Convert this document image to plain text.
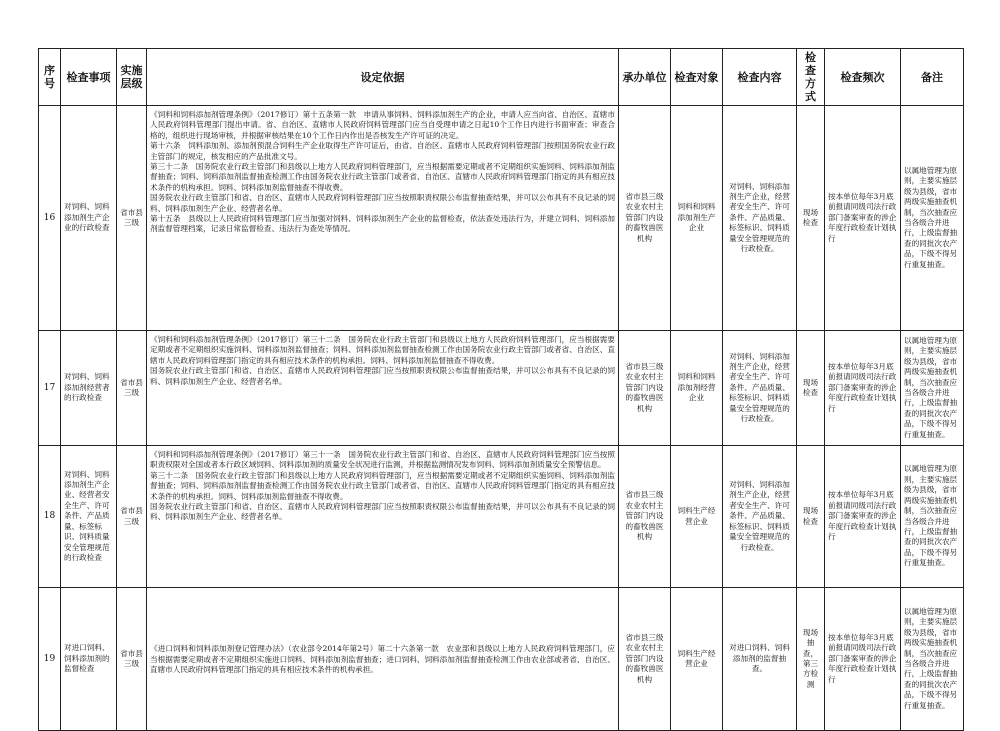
序号	检查事项	实施层级	设定依据	承办单位	检查对象	检查内容	检查方式	检查频次	备注
16	对饲料、饲料添加剂生产企业的行政检查	省市县三级	《饲料和饲料添加剂管理条例》（2017修订）第十五条第一款　申请从事饲料、饲料添加剂生产的企业，申请人应当向省、自治区、直辖市人民政府饲料管理部门提出申请。省、自治区、直辖市人民政府饲料管理部门应当自受理申请之日起10个工作日内进行书面审查；审查合格的，组织进行现场审核，并根据审核结果在10个工作日内作出是否核发生产许可证的决定。
第十六条　饲料添加剂、添加剂预混合饲料生产企业取得生产许可证后，由省、自治区、直辖市人民政府饲料管理部门按照国务院农业行政主管部门的规定，核发相应的产品批准文号。
第三十二条　国务院农业行政主管部门和县级以上地方人民政府饲料管理部门，应当根据需要定期或者不定期组织实施饲料、饲料添加剂监督抽查；饲料、饲料添加剂监督抽查检测工作由国务院农业行政主管部门或者省、自治区、直辖市人民政府饲料管理部门指定的具有相应技术条件的机构承担。饲料、饲料添加剂监督抽查不得收费。
国务院农业行政主管部门和省、自治区、直辖市人民政府饲料管理部门应当按照职责权限公布监督抽查结果，并可以公布具有不良记录的饲料、饲料添加剂生产企业、经营者名单。
第十五条　县级以上人民政府饲料管理部门应当加强对饲料、饲料添加剂生产企业的监督检查，依法查处违法行为，并建立饲料、饲料添加剂监督管理档案，记录日常监督检查、违法行为查处等情况。	省市县三级农业农村主管部门内设的畜牧兽医机构	饲料和饲料添加剂生产企业	对饲料、饲料添加剂生产企业，经营者安全生产、许可条件、产品质量、标签标识、饲料质量安全管理规范的行政检查。	现场检查	按本单位每年3月底前报请同级司法行政部门备案审查的涉企年度行政检查计划执行	以属地管理为原则，主要实施层级为县级，省市两级实施抽查机制，当次抽查应当各级合并进行，上级监督抽查的同批次农产品，下级不得另行重复抽查。
17	对饲料、饲料添加剂经营者的行政检查	省市县三级	《饲料和饲料添加剂管理条例》（2017修订）第三十二条　国务院农业行政主管部门和县级以上地方人民政府饲料管理部门，应当根据需要定期或者不定期组织实施饲料、饲料添加剂监督抽查；饲料、饲料添加剂监督抽查检测工作由国务院农业行政主管部门或者省、自治区、直辖市人民政府饲料管理部门指定的具有相应技术条件的机构承担。饲料、饲料添加剂监督抽查不得收费。
国务院农业行政主管部门和省、自治区、直辖市人民政府饲料管理部门应当按照职责权限公布监督抽查结果，并可以公布具有不良记录的饲料、饲料添加剂生产企业、经营者名单。	省市县三级农业农村主管部门内设的畜牧兽医机构	饲料和饲料添加剂经营企业	对饲料、饲料添加剂生产企业，经营者安全生产、许可条件、产品质量、标签标识、饲料质量安全管理规范的行政检查。	现场检查	按本单位每年3月底前报请同级司法行政部门备案审查的涉企年度行政检查计划执行	以属地管理为原则，主要实施层级为县级，省市两级实施抽查机制，当次抽查应当各级合并进行，上级监督抽查的同批次农产品，下级不得另行重复抽查。
18	对饲料、饲料添加剂生产企业、经营者安全生产、许可条件、产品质量、标签标识、饲料质量安全管理规范的行政检查	省市县三级	《饲料和饲料添加剂管理条例》（2017修订）第三十一条　国务院农业行政主管部门和省、自治区、直辖市人民政府饲料管理部门应当按照职责权限对全国或者本行政区域饲料、饲料添加剂的质量安全状况进行监测，并根据监测情况发布饲料、饲料添加剂质量安全预警信息。
第三十二条　国务院农业行政主管部门和县级以上地方人民政府饲料管理部门，应当根据需要定期或者不定期组织实施饲料、饲料添加剂监督抽查；饲料、饲料添加剂监督抽查检测工作由国务院农业行政主管部门或者省、自治区、直辖市人民政府饲料管理部门指定的具有相应技术条件的机构承担。饲料、饲料添加剂监督抽查不得收费。
国务院农业行政主管部门和省、自治区、直辖市人民政府饲料管理部门应当按照职责权限公布监督抽查结果，并可以公布具有不良记录的饲料、饲料添加剂生产企业、经营者名单。	省市县三级农业农村主管部门内设的畜牧兽医机构	饲料生产经营企业	对饲料、饲料添加剂生产企业，经营者安全生产、许可条件、产品质量、标签标识、饲料质量安全管理规范的行政检查。	现场检查	按本单位每年3月底前报请同级司法行政部门备案审查的涉企年度行政检查计划执行	以属地管理为原则，主要实施层级为县级，省市两级实施抽查机制，当次抽查应当各级合并进行，上级监督抽查的同批次农产品，下级不得另行重复抽查。
19	对进口饲料、饲料添加剂的监督检查	省市县三级	《进口饲料和饲料添加剂登记管理办法》（农业部令2014年第2号）第二十六条第一款　农业部和县级以上地方人民政府饲料管理部门，应当根据需要定期或者不定期组织实施进口饲料、饲料添加剂监督抽查；进口饲料、饲料添加剂监督抽查检测工作由农业部或者省、自治区、直辖市人民政府饲料管理部门指定的具有相应技术条件的机构承担。	省市县三级农业农村主管部门内设的畜牧兽医机构	饲料生产经营企业	对进口饲料、饲料添加剂的监督抽查。	现场抽查，第三方检测	按本单位每年3月底前报请同级司法行政部门备案审查的涉企年度行政检查计划执行	以属地管理为原则，主要实施层级为县级，省市两级实施抽查机制，当次抽查应当各级合并进行，上级监督抽查的同批次农产品，下级不得另行重复抽查。
